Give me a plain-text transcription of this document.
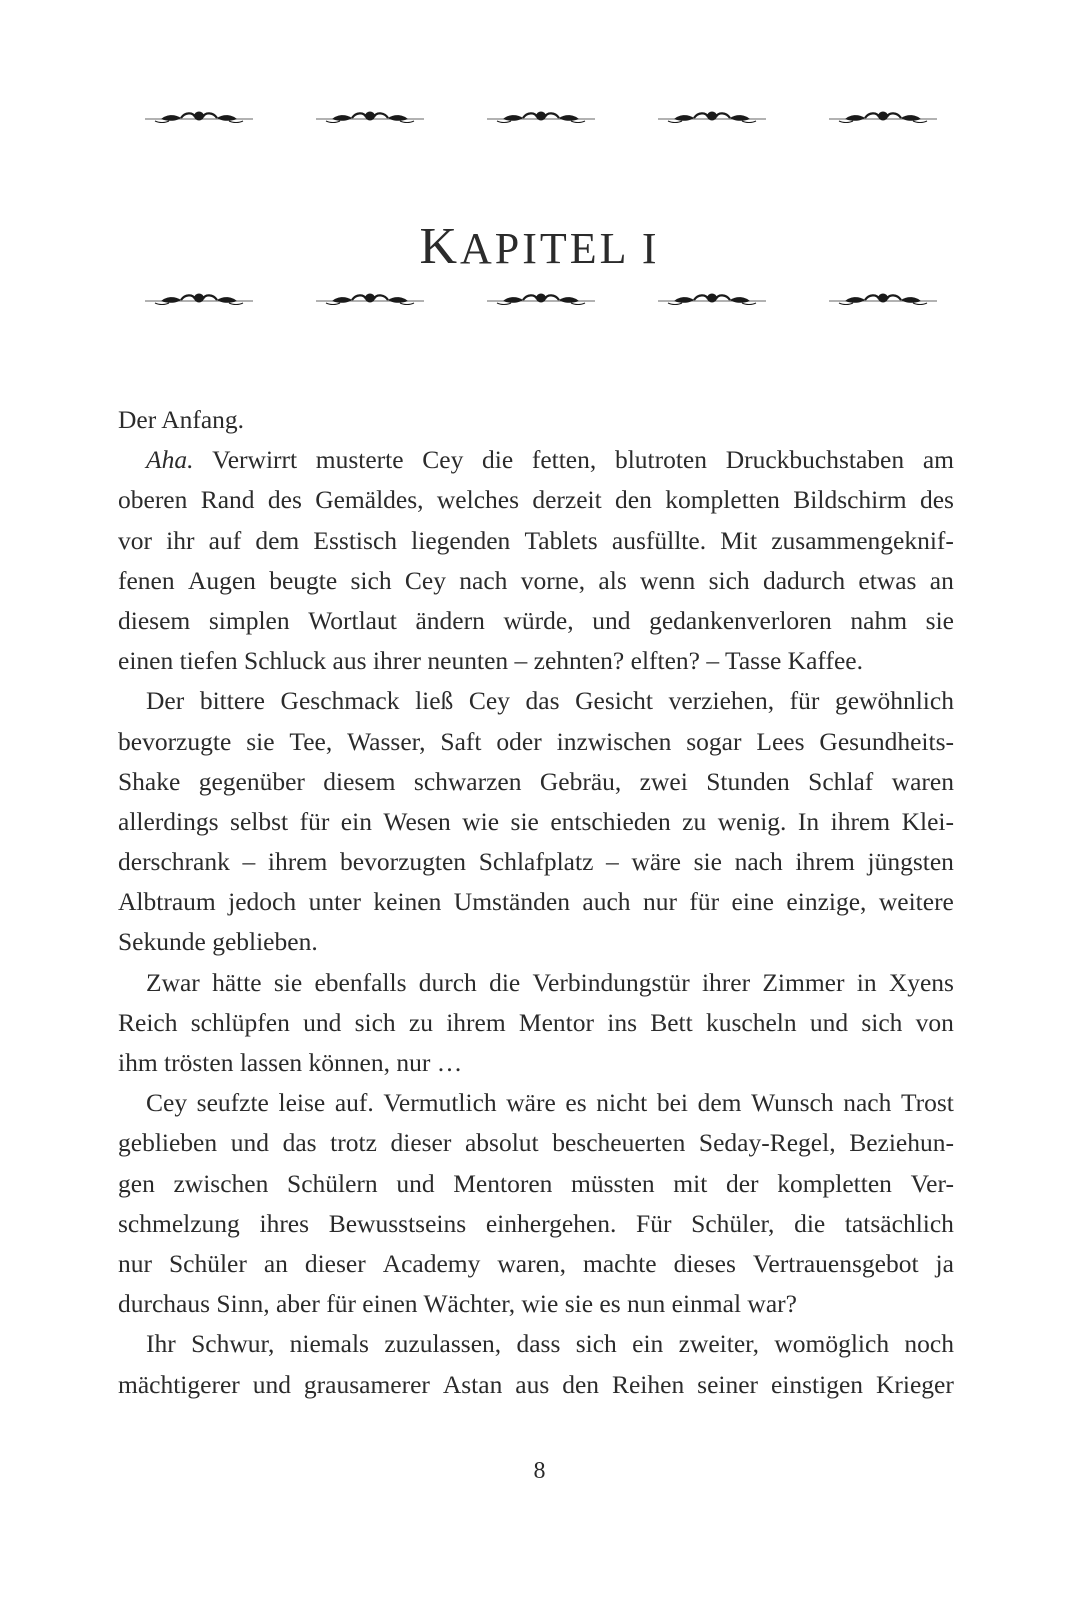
KAPITEL I
Der Anfang.
Aha. Verwirrt musterte Cey die fetten, blutroten Druckbuchstaben am
oberen Rand des Gemäldes, welches derzeit den kompletten Bildschirm des
vor ihr auf dem Esstisch liegenden Tablets ausfüllte. Mit zusammengeknif-
fenen Augen beugte sich Cey nach vorne, als wenn sich dadurch etwas an
diesem simplen Wortlaut ändern würde, und gedankenverloren nahm sie
einen tiefen Schluck aus ihrer neunten – zehnten? elften? – Tasse Kaffee.
Der bittere Geschmack ließ Cey das Gesicht verziehen, für gewöhnlich
bevorzugte sie Tee, Wasser, Saft oder inzwischen sogar Lees Gesundheits-
Shake gegenüber diesem schwarzen Gebräu, zwei Stunden Schlaf waren
allerdings selbst für ein Wesen wie sie entschieden zu wenig. In ihrem Klei-
derschrank – ihrem bevorzugten Schlafplatz – wäre sie nach ihrem jüngsten
Albtraum jedoch unter keinen Umständen auch nur für eine einzige, weitere
Sekunde geblieben.
Zwar hätte sie ebenfalls durch die Verbindungstür ihrer Zimmer in Xyens
Reich schlüpfen und sich zu ihrem Mentor ins Bett kuscheln und sich von
ihm trösten lassen können, nur …
Cey seufzte leise auf. Vermutlich wäre es nicht bei dem Wunsch nach Trost
geblieben und das trotz dieser absolut bescheuerten Seday-Regel, Beziehun-
gen zwischen Schülern und Mentoren müssten mit der kompletten Ver-
schmelzung ihres Bewusstseins einhergehen. Für Schüler, die tatsächlich
nur Schüler an dieser Academy waren, machte dieses Vertrauensgebot ja
durchaus Sinn, aber für einen Wächter, wie sie es nun einmal war?
Ihr Schwur, niemals zuzulassen, dass sich ein zweiter, womöglich noch
mächtigerer und grausamerer Astan aus den Reihen seiner einstigen Krieger
8
